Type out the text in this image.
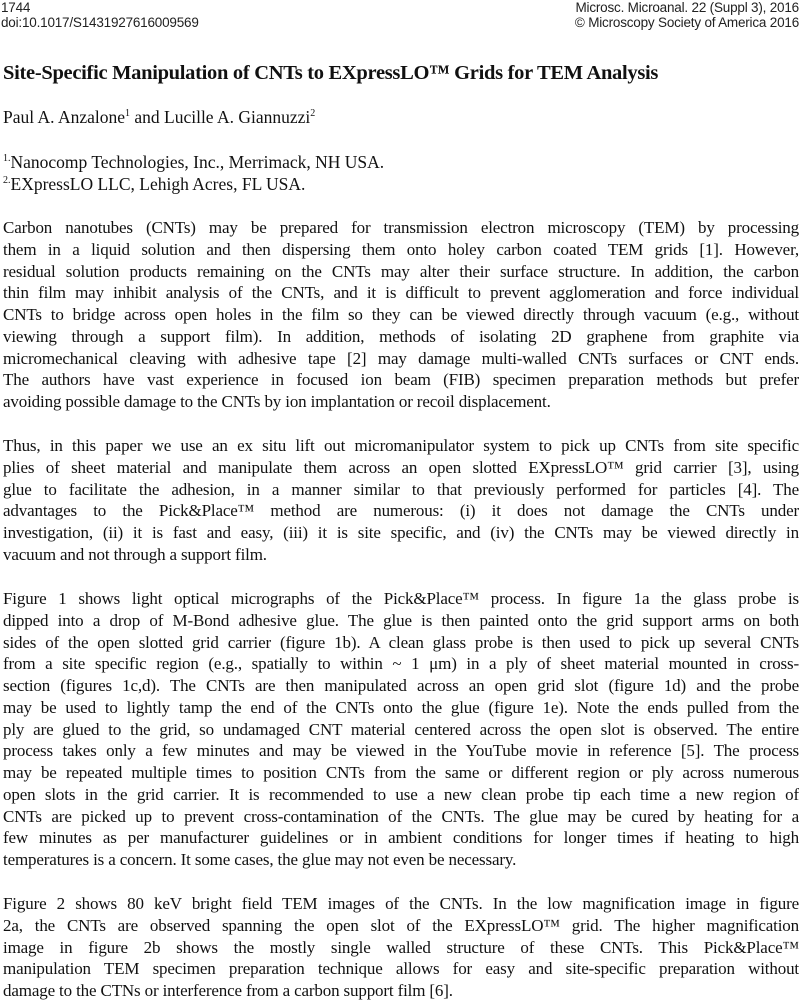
1744
doi:10.1017/S1431927616009569
Microsc. Microanal. 22 (Suppl 3), 2016
© Microscopy Society of America 2016
Site-Specific Manipulation of CNTs to EXpressLO™ Grids for TEM Analysis
Paul A. Anzalone$^1$ and Lucille A. Giannuzzi$^2$
$^{1.}$Nanocomp Technologies, Inc., Merrimack, NH USA.
$^{2.}$EXpressLO LLC, Lehigh Acres, FL USA.
Carbon nanotubes (CNTs) may be prepared for transmission electron microscopy (TEM) by processing
them in a liquid solution and then dispersing them onto holey carbon coated TEM grids [1]. However,
residual solution products remaining on the CNTs may alter their surface structure. In addition, the carbon
thin film may inhibit analysis of the CNTs, and it is difficult to prevent agglomeration and force individual
CNTs to bridge across open holes in the film so they can be viewed directly through vacuum (e.g., without
viewing through a support film). In addition, methods of isolating 2D graphene from graphite via
micromechanical cleaving with adhesive tape [2] may damage multi-walled CNTs surfaces or CNT ends.
The authors have vast experience in focused ion beam (FIB) specimen preparation methods but prefer
avoiding possible damage to the CNTs by ion implantation or recoil displacement.
Thus, in this paper we use an ex situ lift out micromanipulator system to pick up CNTs from site specific
plies of sheet material and manipulate them across an open slotted EXpressLO™ grid carrier [3], using
glue to facilitate the adhesion, in a manner similar to that previously performed for particles [4]. The
advantages to the Pick&Place™ method are numerous: (i) it does not damage the CNTs under
investigation, (ii) it is fast and easy, (iii) it is site specific, and (iv) the CNTs may be viewed directly in
vacuum and not through a support film.
Figure 1 shows light optical micrographs of the Pick&Place™ process. In figure 1a the glass probe is
dipped into a drop of M-Bond adhesive glue. The glue is then painted onto the grid support arms on both
sides of the open slotted grid carrier (figure 1b). A clean glass probe is then used to pick up several CNTs
from a site specific region (e.g., spatially to within ~ 1 μm) in a ply of sheet material mounted in cross-
section (figures 1c,d). The CNTs are then manipulated across an open grid slot (figure 1d) and the probe
may be used to lightly tamp the end of the CNTs onto the glue (figure 1e). Note the ends pulled from the
ply are glued to the grid, so undamaged CNT material centered across the open slot is observed. The entire
process takes only a few minutes and may be viewed in the YouTube movie in reference [5]. The process
may be repeated multiple times to position CNTs from the same or different region or ply across numerous
open slots in the grid carrier. It is recommended to use a new clean probe tip each time a new region of
CNTs are picked up to prevent cross-contamination of the CNTs. The glue may be cured by heating for a
few minutes as per manufacturer guidelines or in ambient conditions for longer times if heating to high
temperatures is a concern. It some cases, the glue may not even be necessary.
Figure 2 shows 80 keV bright field TEM images of the CNTs. In the low magnification image in figure
2a, the CNTs are observed spanning the open slot of the EXpressLO™ grid. The higher magnification
image in figure 2b shows the mostly single walled structure of these CNTs. This Pick&Place™
manipulation TEM specimen preparation technique allows for easy and site-specific preparation without
damage to the CTNs or interference from a carbon support film [6].
